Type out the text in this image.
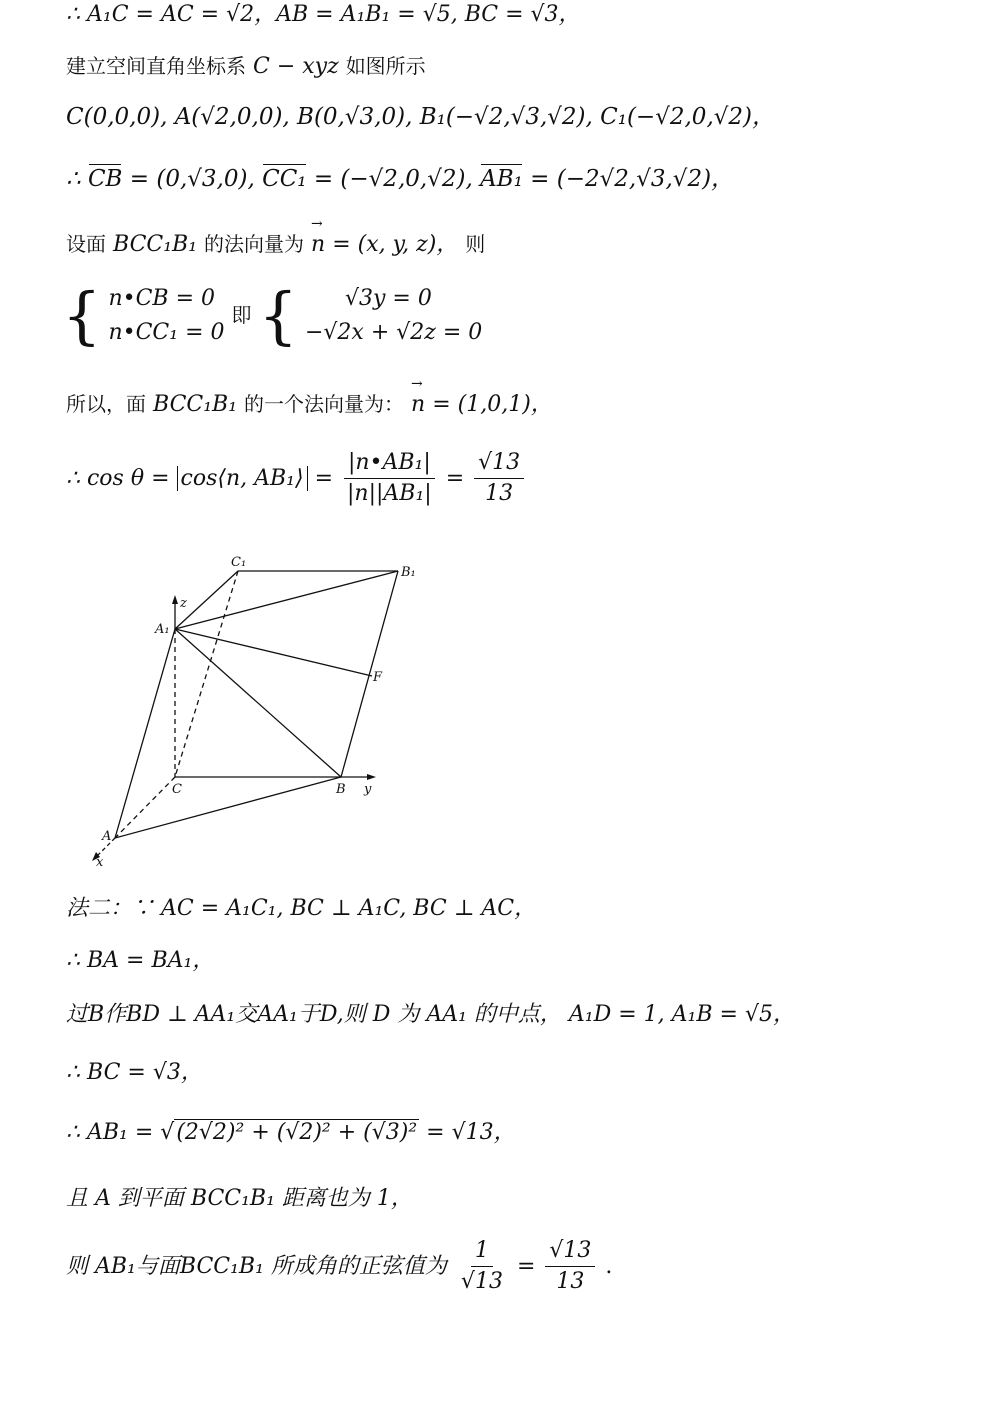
∴ A₁C = AC = √2，AB = A₁B₁ = √5, BC = √3，
建立空间直角坐标系 C − xyz 如图所示
C(0,0,0), A(√2,0,0), B(0,√3,0), B₁(−√2,√3,√2), C₁(−√2,0,√2)，
∴ CB = (0,√3,0), CC₁ = (−√2,0,√2), AB₁ = (−2√2,√3,√2)，
设面 BCC₁B₁ 的法向量为 → n = (x, y, z)， 则
{ n•CB = 0
n•CC₁ = 0
即 {	√3y = 0
−√2x + √2z = 0
所以，面 BCC₁B₁ 的一个法向量为： → n = (1,0,1)，
∴ cos θ = cos⟨n, AB₁⟩ = $\frac{\text{|n•AB₁|}}{\text{|n||AB₁|}} = \frac{√13}{13}$
C₁
B₁
A₁
F
C	B
A
z
y
x
法二：∵ AC = A₁C₁, BC ⊥ A₁C, BC ⊥ AC，
∴ BA = BA₁，
过B作BD ⊥ AA₁交AA₁于D,则 D 为 AA₁ 的中点， A₁D = 1, A₁B = √5，
∴ BC = √3，
∴ AB₁ = √(2√2)² + (√2)² + (√3)² = √13，
且 A 到平面 BCC₁B₁ 距离也为 1，
则 AB₁与面BCC₁B₁ 所成角的正弦值为 $\frac{1}{√13} = \frac{√13}{13}$ .
